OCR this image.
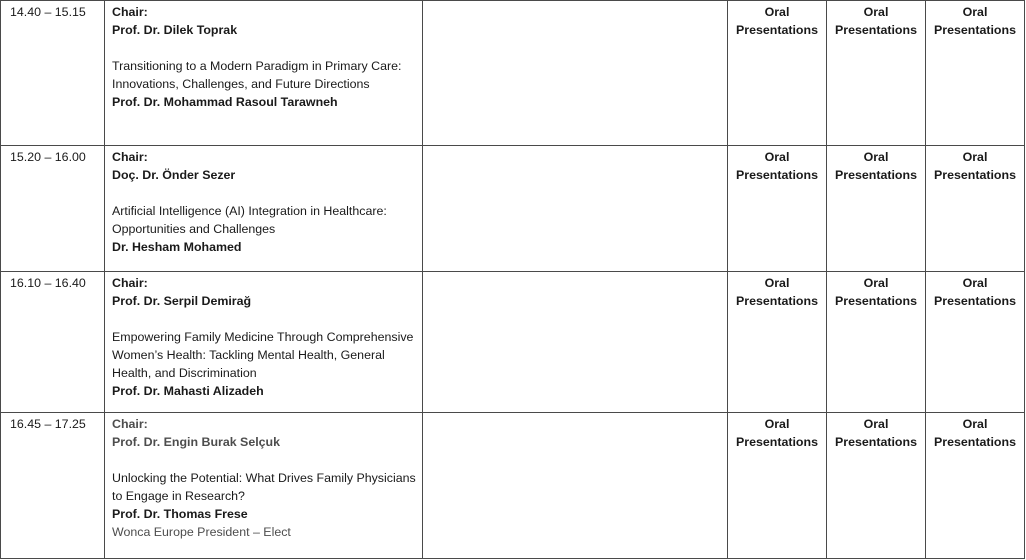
14.40 – 15.15	Chair:
Prof. Dr. Dilek Toprak
Transitioning to a Modern Paradigm in Primary Care: Innovations, Challenges, and Future Directions
Prof. Dr. Mohammad Rasoul Tarawneh		Oral Presentations	Oral Presentations	Oral Presentations
15.20 – 16.00	Chair:
Doç. Dr. Önder Sezer
Artificial Intelligence (AI) Integration in Healthcare: Opportunities and Challenges
Dr. Hesham Mohamed		Oral Presentations	Oral Presentations	Oral Presentations
16.10 – 16.40	Chair:
Prof. Dr. Serpil Demirağ
Empowering Family Medicine Through Comprehensive Women’s Health: Tackling Mental Health, General Health, and Discrimination
Prof. Dr. Mahasti Alizadeh		Oral Presentations	Oral Presentations	Oral Presentations
16.45 – 17.25	Chair:
Prof. Dr. Engin Burak Selçuk
Unlocking the Potential: What Drives Family Physicians to Engage in Research?
Prof. Dr. Thomas Frese
Wonca Europe President – Elect		Oral Presentations	Oral Presentations	Oral Presentations
